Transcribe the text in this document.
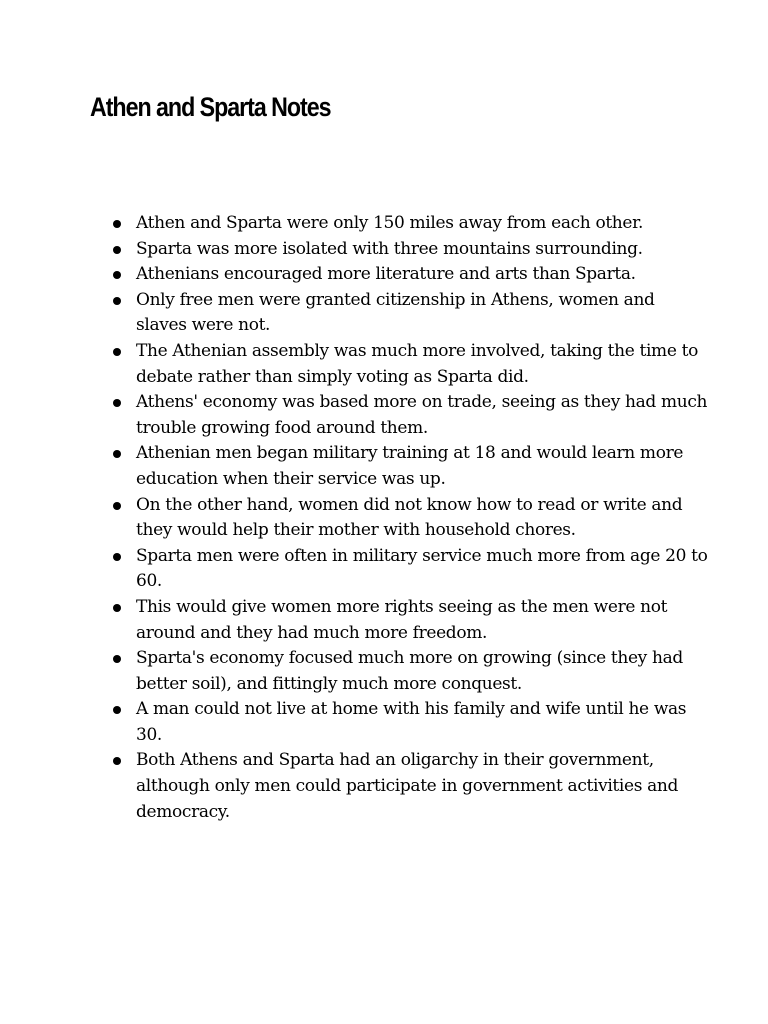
Athen and Sparta Notes
Athen and Sparta were only 150 miles away from each other.
Sparta was more isolated with three mountains surrounding.
Athenians encouraged more literature and arts than Sparta.
Only free men were granted citizenship in Athens, women and slaves were not.
The Athenian assembly was much more involved, taking the time to debate rather than simply voting as Sparta did.
Athens' economy was based more on trade, seeing as they had much trouble growing food around them.
Athenian men began military training at 18 and would learn more education when their service was up.
On the other hand, women did not know how to read or write and they would help their mother with household chores.
Sparta men were often in military service much more from age 20 to 60.
This would give women more rights seeing as the men were not around and they had much more freedom.
Sparta's economy focused much more on growing (since they had better soil), and fittingly much more conquest.
A man could not live at home with his family and wife until he was 30.
Both Athens and Sparta had an oligarchy in their government, although only men could participate in government activities and democracy.
